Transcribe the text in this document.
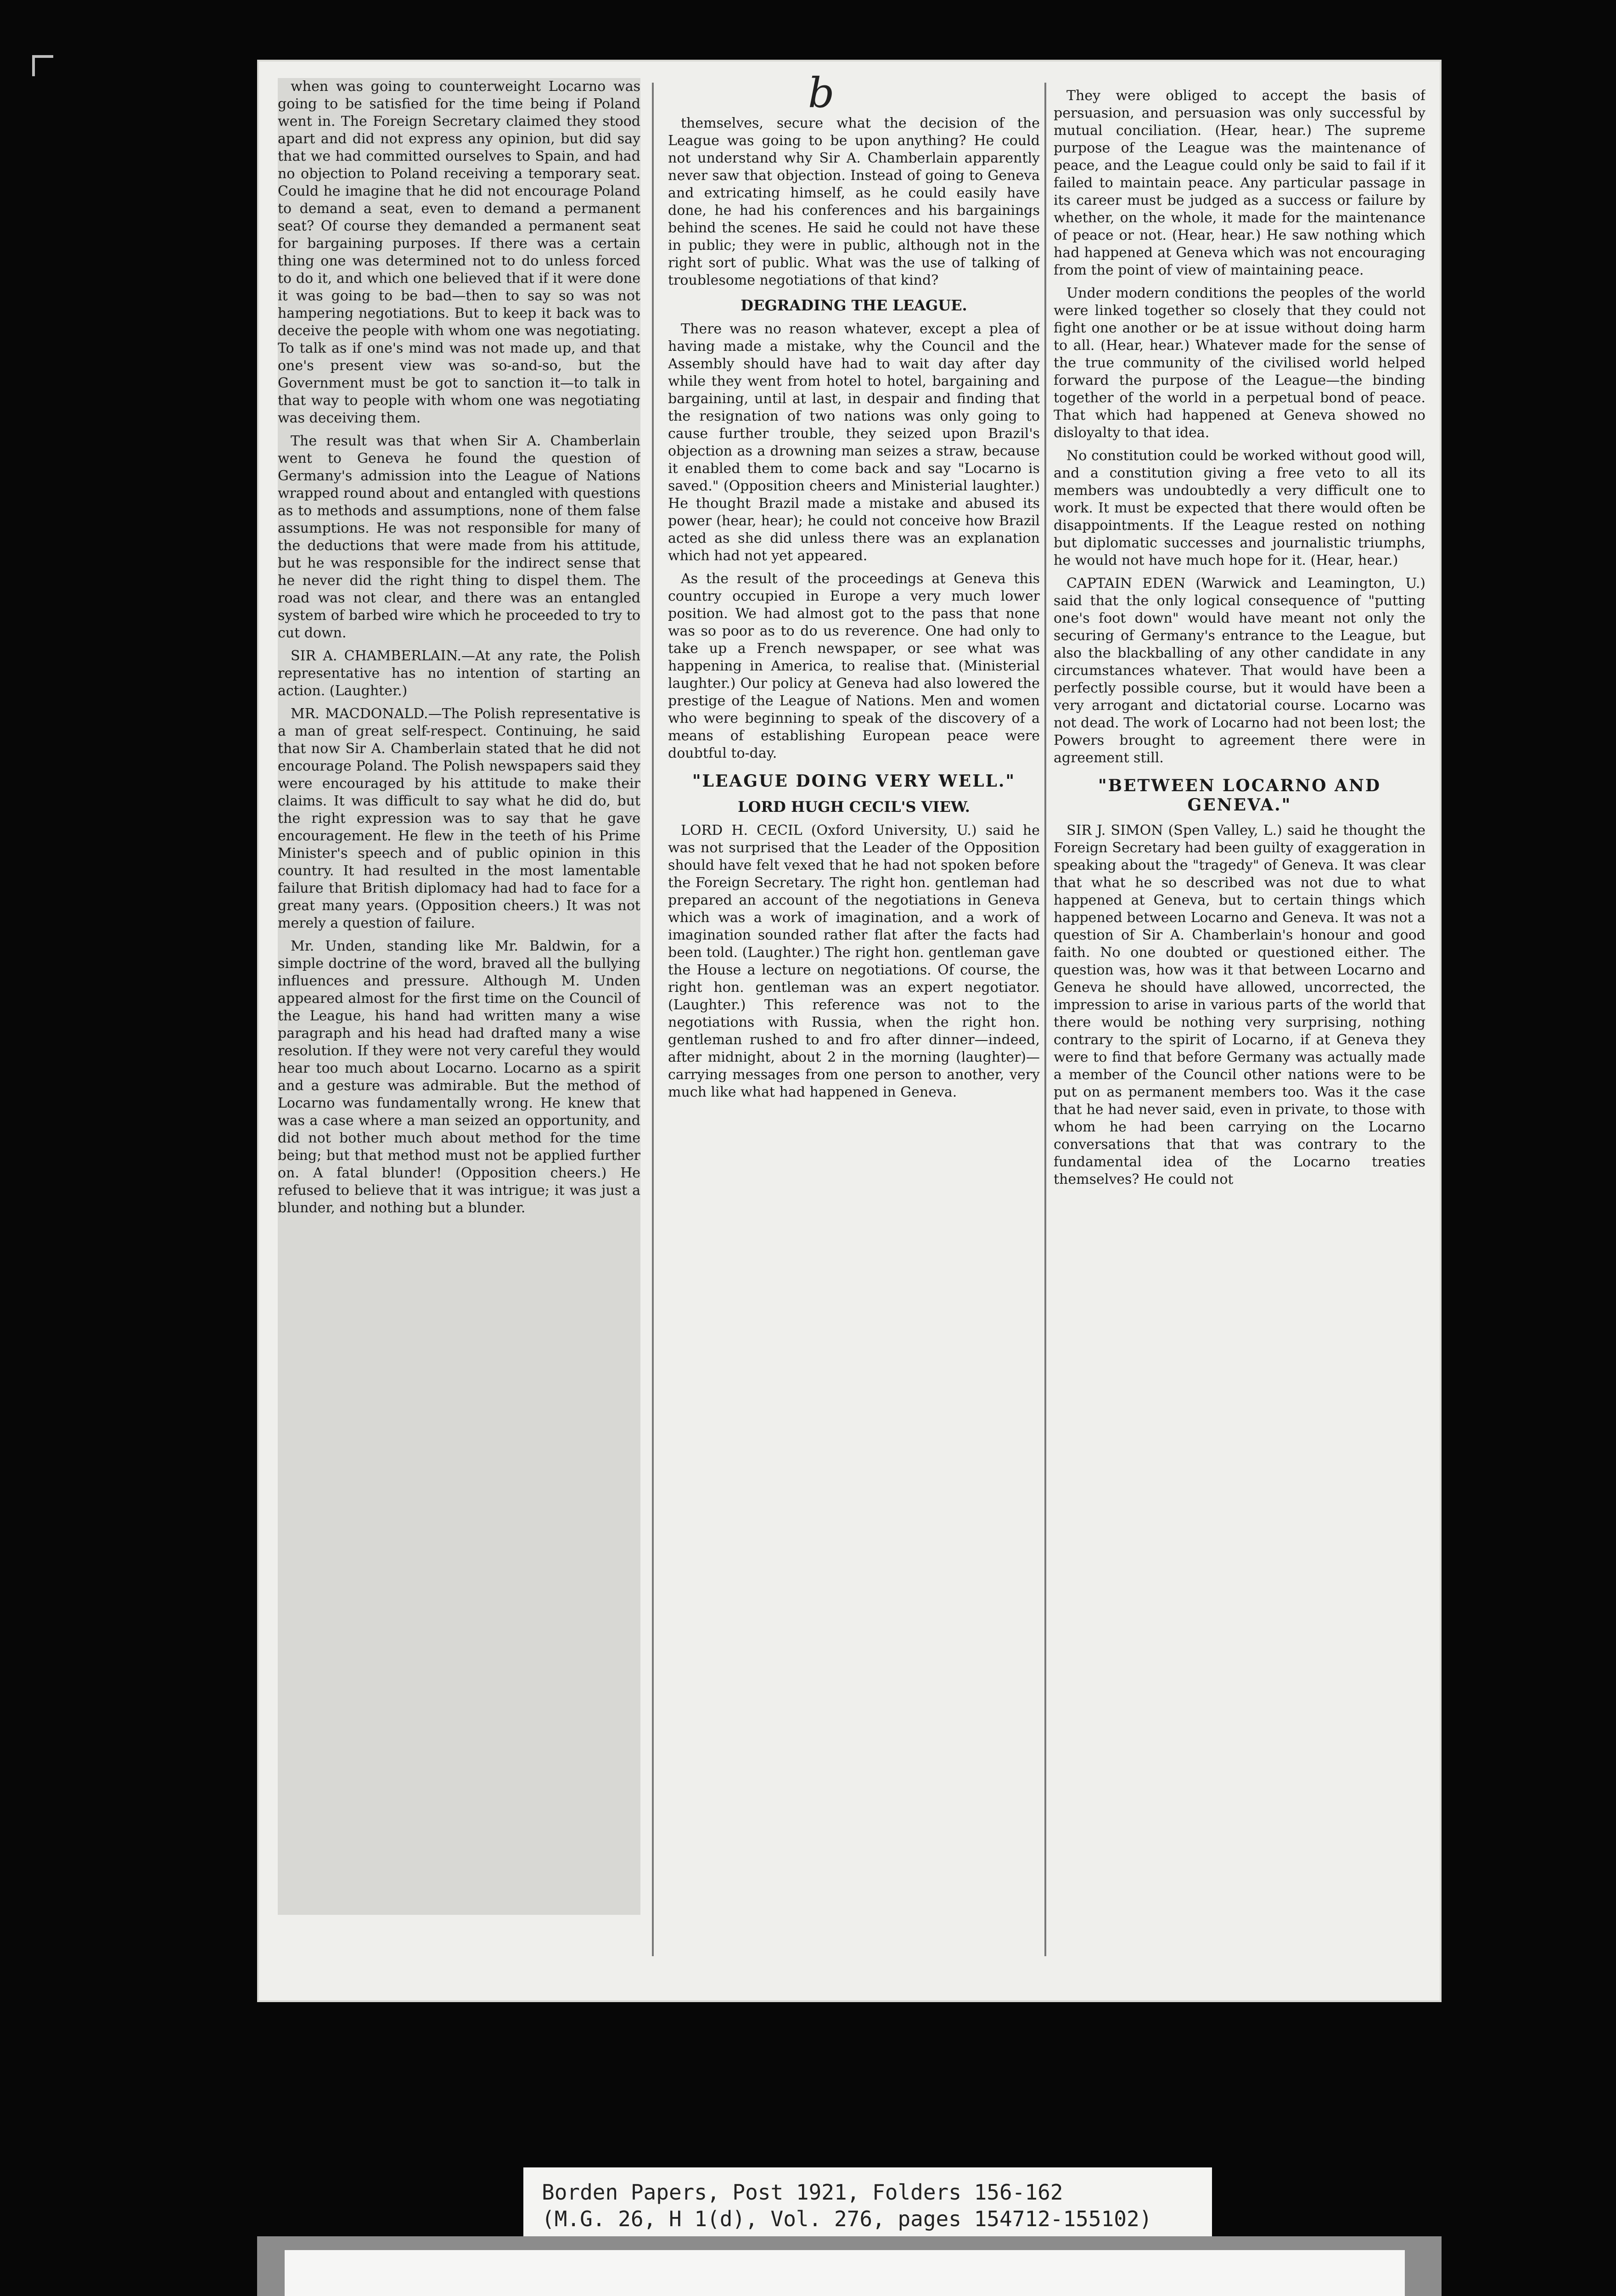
b

when was going to counterweight Locarno was going to be satisfied for the time being if Poland went in. The Foreign Secretary claimed they stood apart and did not express any opinion, but did say that we had committed ourselves to Spain, and had no objection to Poland receiving a temporary seat. Could he imagine that he did not encourage Poland to demand a seat, even to demand a permanent seat? Of course they demanded a permanent seat for bargaining purposes. If there was a certain thing one was determined not to do unless forced to do it, and which one believed that if it were done it was going to be bad—then to say so was not hampering negotiations. But to keep it back was to deceive the people with whom one was negotiating. To talk as if one's mind was not made up, and that one's present view was so-and-so, but the Government must be got to sanction it—to talk in that way to people with whom one was negotiating was deceiving them.

The result was that when Sir A. Chamberlain went to Geneva he found the question of Germany's admission into the League of Nations wrapped round about and entangled with questions as to methods and assumptions, none of them false assumptions. He was not responsible for many of the deductions that were made from his attitude, but he was responsible for the indirect sense that he never did the right thing to dispel them. The road was not clear, and there was an entangled system of barbed wire which he proceeded to try to cut down.

SIR A. CHAMBERLAIN.—At any rate, the Polish representative has no intention of starting an action. (Laughter.)

MR. MACDONALD.—The Polish representative is a man of great self-respect. Continuing, he said that now Sir A. Chamberlain stated that he did not encourage Poland. The Polish newspapers said they were encouraged by his attitude to make their claims. It was difficult to say what he did do, but the right expression was to say that he gave encouragement. He flew in the teeth of his Prime Minister's speech and of public opinion in this country. It had resulted in the most lamentable failure that British diplomacy had had to face for a great many years. (Opposition cheers.) It was not merely a question of failure.

Mr. Unden, standing like Mr. Baldwin, for a simple doctrine of the word, braved all the bullying influences and pressure. Although M. Unden appeared almost for the first time on the Council of the League, his hand had written many a wise paragraph and his head had drafted many a wise resolution. If they were not very careful they would hear too much about Locarno. Locarno as a spirit and a gesture was admirable. But the method of Locarno was fundamentally wrong. He knew that was a case where a man seized an opportunity, and did not bother much about method for the time being; but that method must not be applied further on. A fatal blunder! (Opposition cheers.) He refused to believe that it was intrigue; it was just a blunder, and nothing but a blunder.

themselves, secure what the decision of the League was going to be upon anything? He could not understand why Sir A. Chamberlain apparently never saw that objection. Instead of going to Geneva and extricating himself, as he could easily have done, he had his conferences and his bargainings behind the scenes. He said he could not have these in public; they were in public, although not in the right sort of public. What was the use of talking of troublesome negotiations of that kind?

DEGRADING THE LEAGUE.

There was no reason whatever, except a plea of having made a mistake, why the Council and the Assembly should have had to wait day after day while they went from hotel to hotel, bargaining and bargaining, until at last, in despair and finding that the resignation of two nations was only going to cause further trouble, they seized upon Brazil's objection as a drowning man seizes a straw, because it enabled them to come back and say "Locarno is saved." (Opposition cheers and Ministerial laughter.) He thought Brazil made a mistake and abused its power (hear, hear); he could not conceive how Brazil acted as she did unless there was an explanation which had not yet appeared.

As the result of the proceedings at Geneva this country occupied in Europe a very much lower position. We had almost got to the pass that none was so poor as to do us reverence. One had only to take up a French newspaper, or see what was happening in America, to realise that. (Ministerial laughter.) Our policy at Geneva had also lowered the prestige of the League of Nations. Men and women who were beginning to speak of the discovery of a means of establishing European peace were doubtful to-day.

"LEAGUE DOING VERY WELL."
LORD HUGH CECIL'S VIEW.

LORD H. CECIL (Oxford University, U.) said he was not surprised that the Leader of the Opposition should have felt vexed that he had not spoken before the Foreign Secretary. The right hon. gentleman had prepared an account of the negotiations in Geneva which was a work of imagination, and a work of imagination sounded rather flat after the facts had been told. (Laughter.) The right hon. gentleman gave the House a lecture on negotiations. Of course, the right hon. gentleman was an expert negotiator. (Laughter.) This reference was not to the negotiations with Russia, when the right hon. gentleman rushed to and fro after dinner—indeed, after midnight, about 2 in the morning (laughter)—carrying messages from one person to another, very much like what had happened in Geneva.

They were obliged to accept the basis of persuasion, and persuasion was only successful by mutual conciliation. (Hear, hear.) The supreme purpose of the League was the maintenance of peace, and the League could only be said to fail if it failed to maintain peace. Any particular passage in its career must be judged as a success or failure by whether, on the whole, it made for the maintenance of peace or not. (Hear, hear.) He saw nothing which had happened at Geneva which was not encouraging from the point of view of maintaining peace.

Under modern conditions the peoples of the world were linked together so closely that they could not fight one another or be at issue without doing harm to all. (Hear, hear.) Whatever made for the sense of the true community of the civilised world helped forward the purpose of the League—the binding together of the world in a perpetual bond of peace. That which had happened at Geneva showed no disloyalty to that idea.

No constitution could be worked without good will, and a constitution giving a free veto to all its members was undoubtedly a very difficult one to work. It must be expected that there would often be disappointments. If the League rested on nothing but diplomatic successes and journalistic triumphs, he would not have much hope for it. (Hear, hear.)

CAPTAIN EDEN (Warwick and Leamington, U.) said that the only logical consequence of "putting one's foot down" would have meant not only the securing of Germany's entrance to the League, but also the blackballing of any other candidate in any circumstances whatever. That would have been a perfectly possible course, but it would have been a very arrogant and dictatorial course. Locarno was not dead. The work of Locarno had not been lost; the Powers brought to agreement there were in agreement still.

"BETWEEN LOCARNO AND GENEVA."

SIR J. SIMON (Spen Valley, L.) said he thought the Foreign Secretary had been guilty of exaggeration in speaking about the "tragedy" of Geneva. It was clear that what he so described was not due to what happened at Geneva, but to certain things which happened between Locarno and Geneva. It was not a question of Sir A. Chamberlain's honour and good faith. No one doubted or questioned either. The question was, how was it that between Locarno and Geneva he should have allowed, uncorrected, the impression to arise in various parts of the world that there would be nothing very surprising, nothing contrary to the spirit of Locarno, if at Geneva they were to find that before Germany was actually made a member of the Council other nations were to be put on as permanent members too. Was it the case that he had never said, even in private, to those with whom he had been carrying on the Locarno conversations that that was contrary to the fundamental idea of the Locarno treaties themselves? He could not

Borden Papers, Post 1921, Folders 156-162
(M.G. 26, H 1(d), Vol. 276, pages 154712-155102)
